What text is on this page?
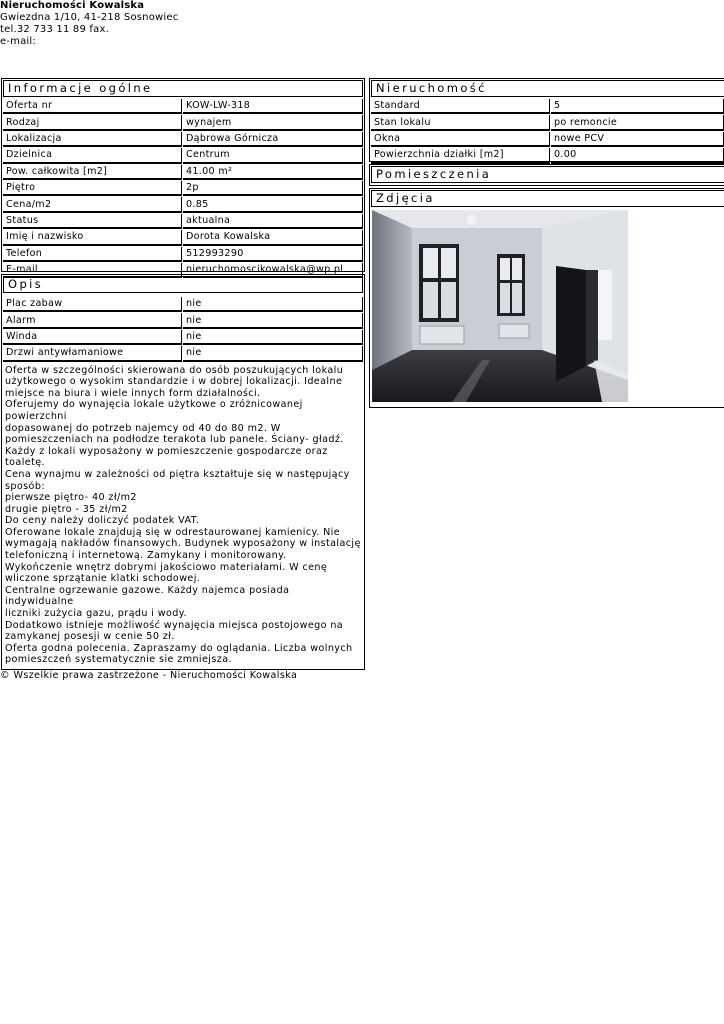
Nieruchomości Kowalska
Gwiezdna 1/10, 41-218 Sosnowiec
tel.32 733 11 89 fax.
e-mail:
Informacje ogólne
Oferta nr	KOW-LW-318
Rodzaj	wynajem
Lokalizacja	Dąbrowa Górnicza
Dzielnica	Centrum
Pow. całkowita [m2]	41.00 m²
Piętro	2p
Cena/m2	0.85
Status	aktualna
Imię i nazwisko	Dorota Kowalska
Telefon	512993290
E-mail	nieruchomoscikowalska@wp.pl
Opis
Plac zabaw	nie
Alarm	nie
Winda	nie
Drzwi antywłamaniowe	nie

Oferta w szczególności skierowana do osób poszukujących lokalu
użytkowego o wysokim standardzie i w dobrej lokalizacji. Idealne
miejsce na biura i wiele innych form działalności.
Oferujemy do wynajęcia lokale użytkowe o zróżnicowanej powierzchni
dopasowanej do potrzeb najemcy od 40 do 80 m2. W
pomieszczeniach na podłodze terakota lub panele. Ściany- gładź.
Każdy z lokali wyposażony w pomieszczenie gospodarcze oraz
toaletę.
Cena wynajmu w zależności od piętra kształtuje się w następujący
sposób:
pierwsze piętro- 40 zł/m2
drugie piętro - 35 zł/m2
Do ceny należy doliczyć podatek VAT.
Oferowane lokale znajdują się w odrestaurowanej kamienicy. Nie
wymagają nakładów finansowych. Budynek wyposażony w instalację
telefoniczną i internetową. Zamykany i monitorowany.
Wykończenie wnętrz dobrymi jakościowo materiałami. W cenę
wliczone sprzątanie klatki schodowej.
Centralne ogrzewanie gazowe. Każdy najemca posiada indywidualne
liczniki zużycia gazu, prądu i wody.
Dodatkowo istnieje możliwość wynajęcia miejsca postojowego na
zamykanej posesji w cenie 50 zł.
Oferta godna polecenia. Zapraszamy do oglądania. Liczba wolnych
pomieszczeń systematycznie sie zmniejsza.

Nieruchomość
Standard	5
Stan lokalu	po remoncie
Okna	nowe PCV
Powierzchnia działki [m2]	0.00
Pomieszczenia
Zdjęcia
© Wszelkie prawa zastrzeżone - Nieruchomości Kowalska
